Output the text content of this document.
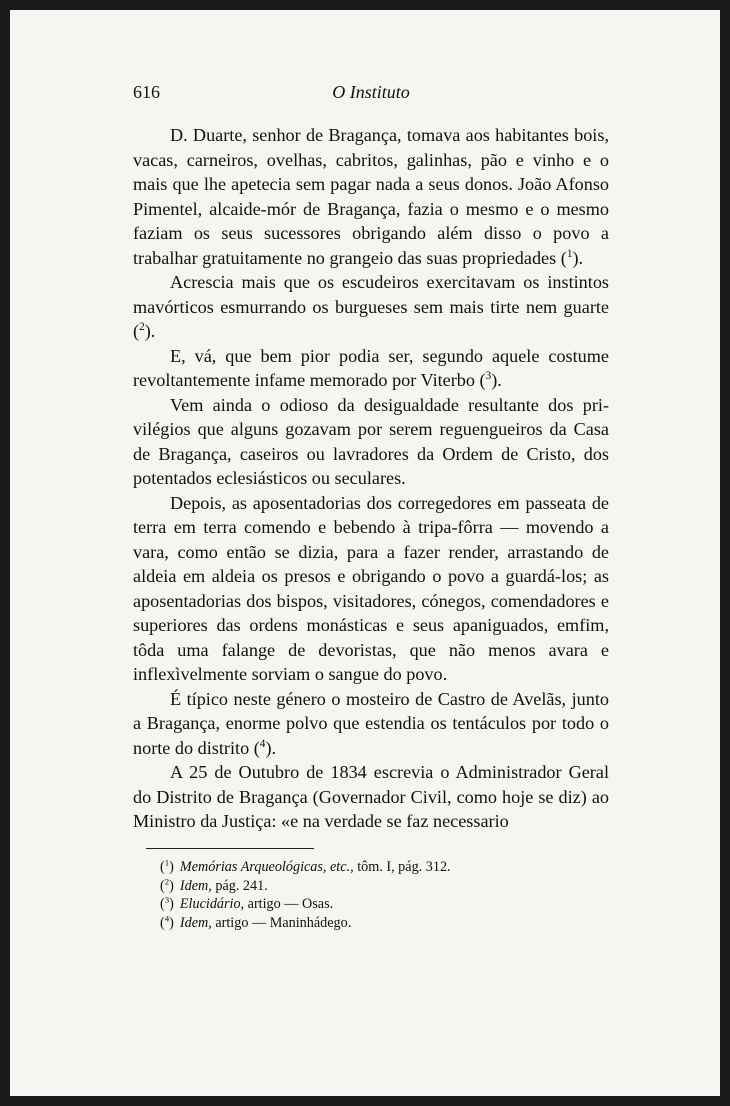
616	O Instituto

D. Duarte, senhor de Bragança, tomava aos habitantes bois, vacas, carneiros, ovelhas, cabritos, galinhas, pão e vinho e o mais que lhe apetecia sem pagar nada a seus donos. João Afonso Pimentel, alcaide-mór de Bragança, fazia o mesmo e o mesmo faziam os seus sucessores obrigando além disso o povo a trabalhar gratuitamente no grangeio das suas propriedades ($^1$).

Acrescia mais que os escudeiros exercitavam os instintos mavórticos esmurrando os burgueses sem mais tirte nem guarte ($^2$).

E, vá, que bem pior podia ser, segundo aquele costume revoltantemente infame memorado por Viterbo ($^3$).

Vem ainda o odioso da desigualdade resultante dos privilégios que alguns gozavam por serem reguengueiros da Casa de Bragança, caseiros ou lavradores da Ordem de Cristo, dos potentados eclesiásticos ou seculares.

Depois, as aposentadorias dos corregedores em passeata de terra em terra comendo e bebendo à tripa-fôrra — movendo a vara, como então se dizia, para a fazer render, arrastando de aldeia em aldeia os presos e obrigando o povo a guardá-los; as aposentadorias dos bispos, visitadores, cónegos, comendadores e superiores das ordens monásticas e seus apaniguados, emfim, tôda uma falange de devoristas, que não menos avara e inflexìvelmente sorviam o sangue do povo.

É típico neste género o mosteiro de Castro de Avelãs, junto a Bragança, enorme polvo que estendia os tentáculos por todo o norte do distrito ($^4$).

A 25 de Outubro de 1834 escrevia o Administrador Geral do Distrito de Bragança (Governador Civil, como hoje se diz) ao Ministro da Justiça: «e na verdade se faz necessario

($^1$) Memórias Arqueológicas, etc., tôm. I, pág. 312.

($^2$) Idem, pág. 241.

($^3$) Elucidário, artigo — Osas.

($^4$) Idem, artigo — Maninhádego.
